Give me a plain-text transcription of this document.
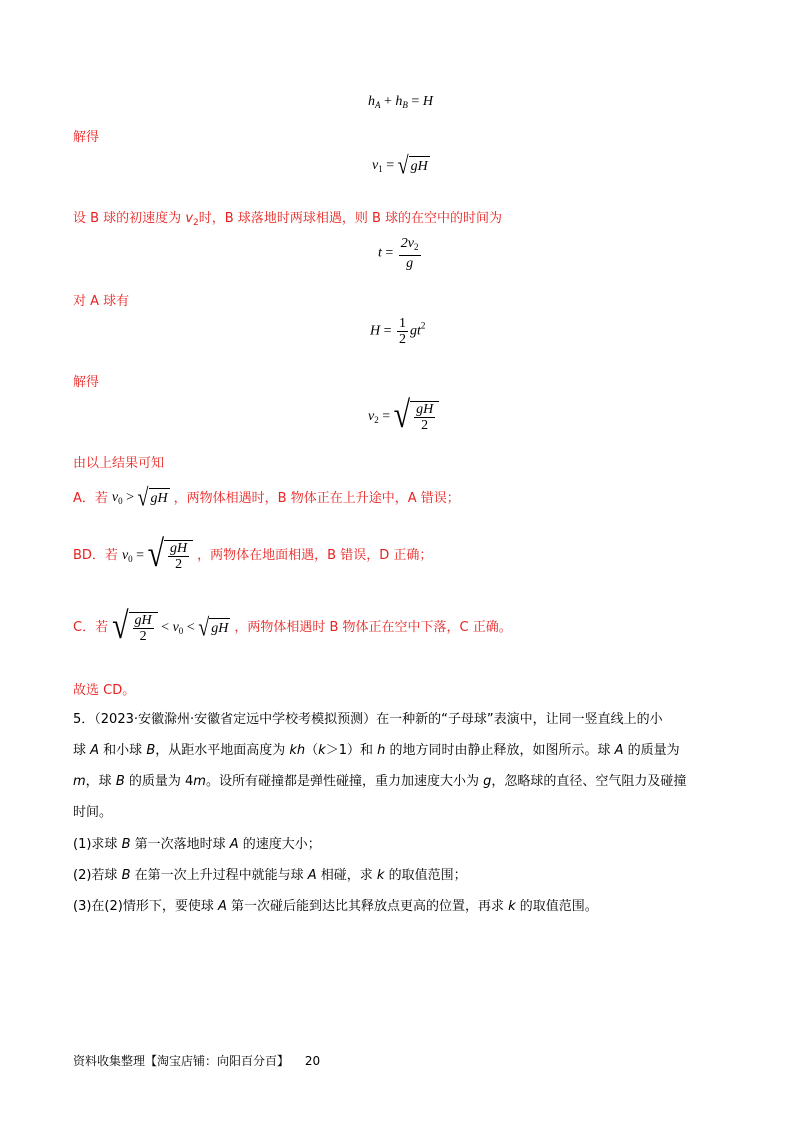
$h_A + h_B = H$
解得
$v_1$ = √ gH
设 B 球的初速度为 $v_2$时，B 球落地时两球相遇，则 B 球的在空中的时间为
$t = \frac{2v_2}{g}$
对 A 球有
$H = \frac{1}{2} gt^2$
解得
$v_2$ = √ $\frac{gH}{2}$
由以上结果可知
A．若 $v_0$ > √ gH ，两物体相遇时，B 物体正在上升途中，A 错误；
BD．若 $v_0$ = √ $\frac{gH}{2}$ ，两物体在地面相遇，B 错误，D 正确；
C．若 √ $\frac{gH}{2} < v_0$ < √ gH ，两物体相遇时 B 物体正在空中下落，C 正确。
故选 CD。
5．（2023·安徽滁州·安徽省定远中学校考模拟预测）在一种新的“子母球”表演中，让同一竖直线上的小
球 A 和小球 B，从距水平地面高度为 kh（k＞1）和 h 的地方同时由静止释放，如图所示。球 A 的质量为
m，球 B 的质量为 4m。设所有碰撞都是弹性碰撞，重力加速度大小为 g，忽略球的直径、空气阻力及碰撞
时间。
(1)求球 B 第一次落地时球 A 的速度大小；
(2)若球 B 在第一次上升过程中就能与球 A 相碰，求 k 的取值范围；
(3)在(2)情形下，要使球 A 第一次碰后能到达比其释放点更高的位置，再求 k 的取值范围。
资料收集整理【淘宝店铺：向阳百分百】 20
